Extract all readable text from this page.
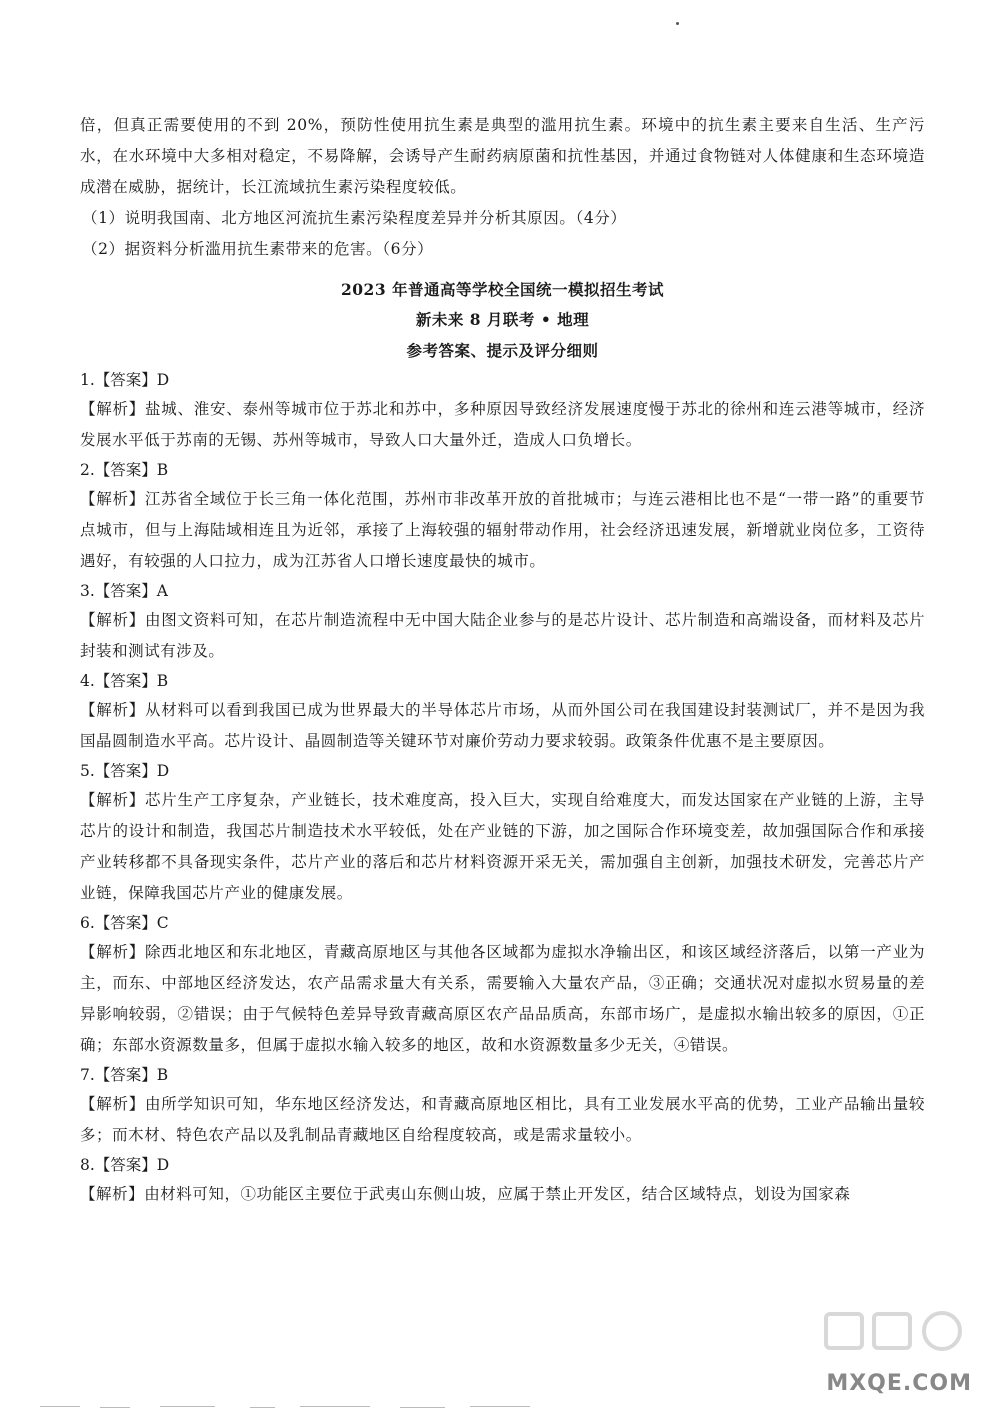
倍，但真正需要使用的不到 20%，预防性使用抗生素是典型的滥用抗生素。环境中的抗生素主要来自生活、生产污水，在水环境中大多相对稳定，不易降解，会诱导产生耐药病原菌和抗性基因，并通过食物链对人体健康和生态环境造成潜在威胁，据统计，长江流域抗生素污染程度较低。

（1）说明我国南、北方地区河流抗生素污染程度差异并分析其原因。（4分）

（2）据资料分析滥用抗生素带来的危害。（6分）

2023 年普通高等学校全国统一模拟招生考试
新未来 8 月联考 • 地理
参考答案、提示及评分细则

1.【答案】D

【解析】盐城、淮安、泰州等城市位于苏北和苏中，多种原因导致经济发展速度慢于苏北的徐州和连云港等城市，经济发展水平低于苏南的无锡、苏州等城市，导致人口大量外迁，造成人口负增长。

2.【答案】B

【解析】江苏省全域位于长三角一体化范围，苏州市非改革开放的首批城市；与连云港相比也不是“一带一路”的重要节点城市，但与上海陆域相连且为近邻，承接了上海较强的辐射带动作用，社会经济迅速发展，新增就业岗位多，工资待遇好，有较强的人口拉力，成为江苏省人口增长速度最快的城市。

3.【答案】A

【解析】由图文资料可知，在芯片制造流程中无中国大陆企业参与的是芯片设计、芯片制造和高端设备，而材料及芯片封装和测试有涉及。

4.【答案】B

【解析】从材料可以看到我国已成为世界最大的半导体芯片市场，从而外国公司在我国建设封装测试厂，并不是因为我国晶圆制造水平高。芯片设计、晶圆制造等关键环节对廉价劳动力要求较弱。政策条件优惠不是主要原因。

5.【答案】D

【解析】芯片生产工序复杂，产业链长，技术难度高，投入巨大，实现自给难度大，而发达国家在产业链的上游，主导芯片的设计和制造，我国芯片制造技术水平较低，处在产业链的下游，加之国际合作环境变差，故加强国际合作和承接产业转移都不具备现实条件，芯片产业的落后和芯片材料资源开采无关，需加强自主创新，加强技术研发，完善芯片产业链，保障我国芯片产业的健康发展。

6.【答案】C

【解析】除西北地区和东北地区，青藏高原地区与其他各区域都为虚拟水净输出区，和该区域经济落后，以第一产业为主，而东、中部地区经济发达，农产品需求量大有关系，需要输入大量农产品，③正确；交通状况对虚拟水贸易量的差异影响较弱，②错误；由于气候特色差异导致青藏高原区农产品品质高，东部市场广，是虚拟水输出较多的原因，①正确；东部水资源数量多，但属于虚拟水输入较多的地区，故和水资源数量多少无关，④错误。

7.【答案】B

【解析】由所学知识可知，华东地区经济发达，和青藏高原地区相比，具有工业发展水平高的优势，工业产品输出量较多；而木材、特色农产品以及乳制品青藏地区自给程度较高，或是需求量较小。

8.【答案】D

【解析】由材料可知，①功能区主要位于武夷山东侧山坡，应属于禁止开发区，结合区域特点，划设为国家森

MXQE.COM
